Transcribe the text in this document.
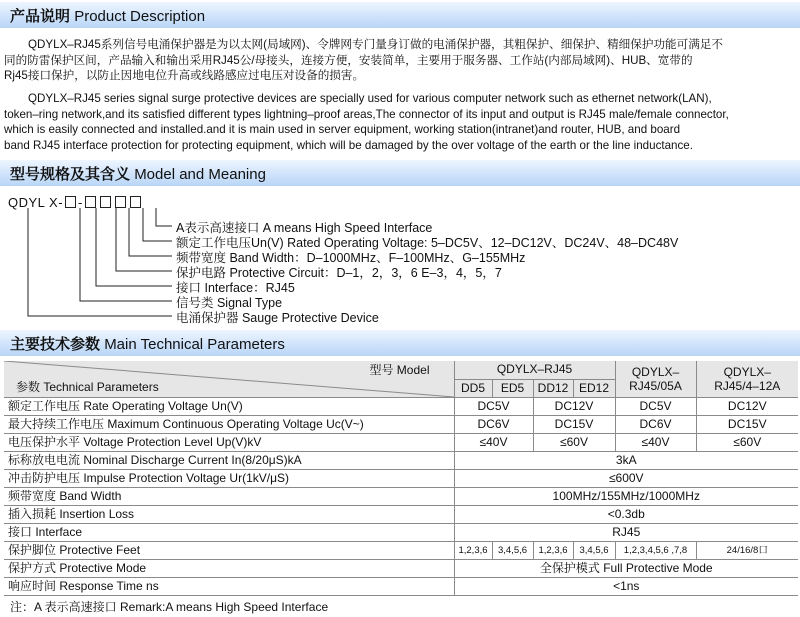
产品说明 Product Description
QDYLX–RJ45系列信号电涌保护器是为以太网(局域网)、令牌网专门量身订做的电涌保护器，其粗保护、细保护、精细保护功能可满足不
同的防雷保护区间，产品输入和输出采用RJ45公/母接头，连接方便，安装简单，主要用于服务器、工作站(内部局域网)、HUB、宽带的
Rj45接口保护，以防止因地电位升高或线路感应过电压对设备的损害。
QDYLX–RJ45 series signal surge protective devices are specially used for various computer network such as ethernet network(LAN),
token–ring network,and its satisfied different types lightning–proof areas,The connector of its input and output is RJ45 male/female connector,
which is easily connected and installed.and it is main used in server equipment, working station(intranet)and router, HUB, and board
band RJ45 interface protection for protecting equipment, which will be damaged by the over voltage of the earth or the line inductance.
型号规格及其含义 Model and Meaning
QDYL X- -
A表示高速接口 A means High Speed Interface
额定工作电压Un(V) Rated Operating Voltage: 5–DC5V、12–DC12V、DC24V、48–DC48V
频带宽度 Band Width：D–1000MHz、F–100MHz、G–155MHz
保护电路 Protective Circuit：D–1，2，3，6 E–3，4，5，7
接口 Interface：RJ45
信号类 Signal Type
电涌保护器 Sauge Protective Device
主要技术参数 Main Technical Parameters
型号 Model
参数 Technical Parameters	QDYLX–RJ45				QDYLX–
RJ45/05A	QDYLX–
RJ45/4–12A
	DD5	ED5	DD12	ED12		
额定工作电压 Rate Operating Voltage Un(V)	DC5V		DC12V		DC5V	DC12V
最大持续工作电压 Maximum Continuous Operating Voltage Uc(V~)	DC6V		DC15V		DC6V	DC15V
电压保护水平 Voltage Protection Level Up(V)kV	≤40V		≤60V		≤40V	≤60V
标称放电电流 Nominal Discharge Current In(8/20μS)kA	3kA					
冲击防护电压 Impulse Protection Voltage Ur(1kV/μS)	≤600V					
频带宽度 Band Width	100MHz/155MHz/1000MHz					
插入损耗 Insertion Loss	<0.3db					
接口 Interface	RJ45					
保护脚位 Protective Feet	1,2,3,6	3,4,5,6	1,2,3,6	3,4,5,6	1,2,3,4,5,6 ,7,8	24/16/8口
保护方式 Protective Mode	全保护模式 Full Protective Mode					
响应时间 Response Time ns	<1ns					
注：A 表示高速接口 Remark:A means High Speed Interface
